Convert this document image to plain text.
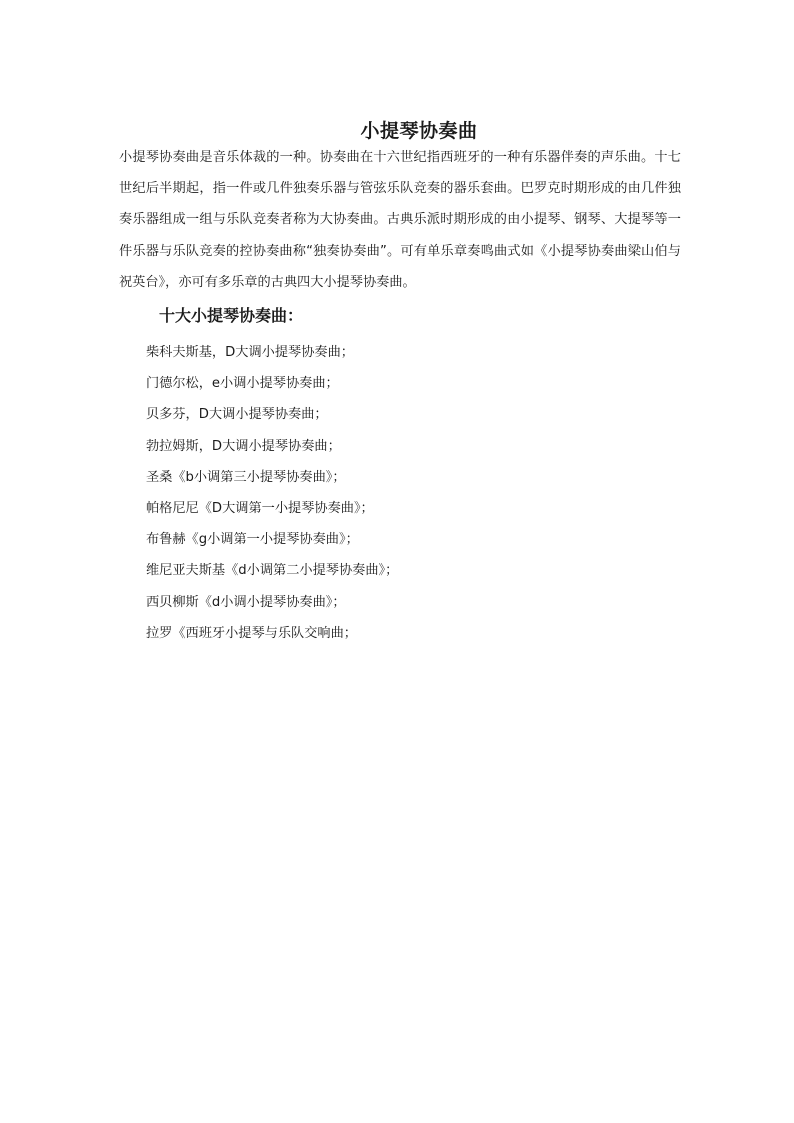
小提琴协奏曲

小提琴协奏曲是音乐体裁的一种。协奏曲在十六世纪指西班牙的一种有乐器伴奏的声乐曲。十七世纪后半期起，指一件或几件独奏乐器与管弦乐队竞奏的器乐套曲。巴罗克时期形成的由几件独奏乐器组成一组与乐队竞奏者称为大协奏曲。古典乐派时期形成的由小提琴、钢琴、大提琴等一件乐器与乐队竞奏的控协奏曲称“独奏协奏曲”。可有单乐章奏鸣曲式如《小提琴协奏曲梁山伯与祝英台》，亦可有多乐章的古典四大小提琴协奏曲。

十大小提琴协奏曲：
柴科夫斯基，D大调小提琴协奏曲；
门德尔松，e小调小提琴协奏曲；
贝多芬，D大调小提琴协奏曲；
勃拉姆斯，D大调小提琴协奏曲；
圣桑《b小调第三小提琴协奏曲》；
帕格尼尼《D大调第一小提琴协奏曲》；
布鲁赫《g小调第一小提琴协奏曲》；
维尼亚夫斯基《d小调第二小提琴协奏曲》；
西贝柳斯《d小调小提琴协奏曲》；
拉罗《西班牙小提琴与乐队交响曲；
